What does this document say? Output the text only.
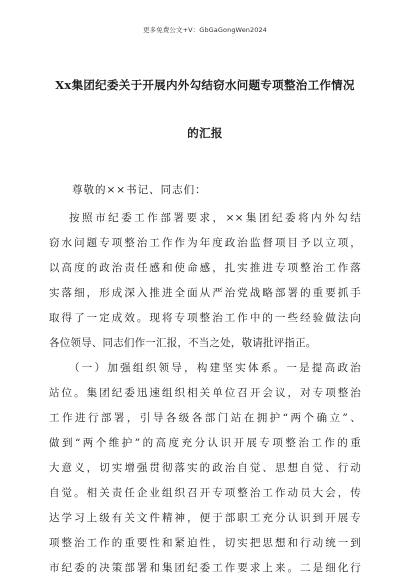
更多免费公文+V：GbGaGongWen2024
Xx集团纪委关于开展内外勾结窃水问题专项整治工作情况
的汇报
尊敬的××书记、同志们：
按照市纪委工作部署要求，××集团纪委将内外勾结
窃水问题专项整治工作作为年度政治监督项目予以立项，
以高度的政治责任感和使命感，扎实推进专项整治工作落
实落细，形成深入推进全面从严治党战略部署的重要抓手
取得了一定成效。现将专项整治工作中的一些经验做法向
各位领导、同志们作一汇报，不当之处，敬请批评指正。
（一）加强组织领导，构建坚实体系。一是提高政治
站位。集团纪委迅速组织相关单位召开会议，对专项整治
工作进行部署，引导各级各部门站在拥护“两个确立”、
做到“两个维护”的高度充分认识开展专项整治工作的重
大意义，切实增强贯彻落实的政治自觉、思想自觉、行动
自觉。相关责任企业组织召开专项整治工作动员大会，传
达学习上级有关文件精神，便于部职工充分认识到开展专
项整治工作的重要性和紧迫性，切实把思想和行动统一到
市纪委的决策部署和集团纪委工作要求上来。二是细化行
